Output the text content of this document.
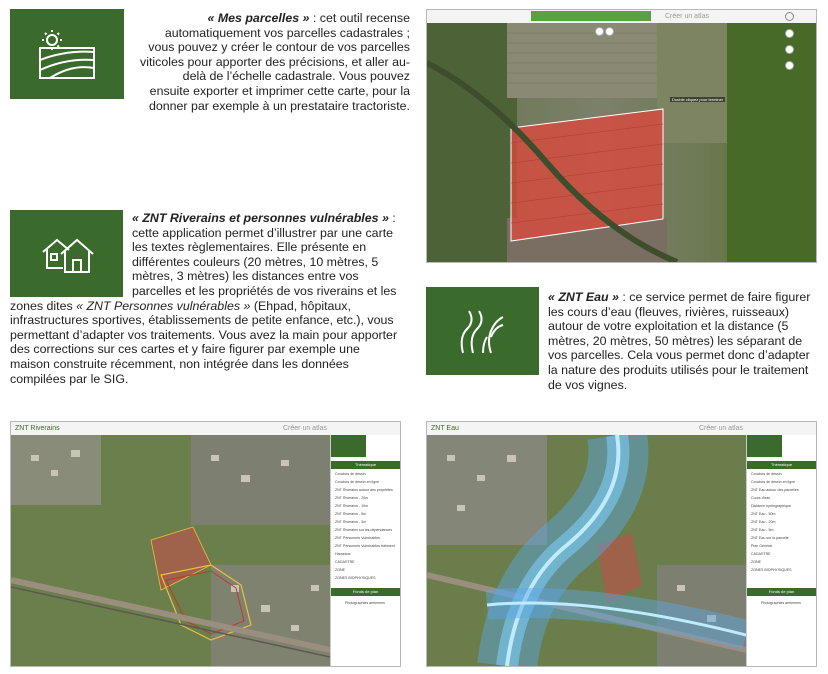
« Mes parcelles » : cet outil recense automatiquement vos parcelles cadastrales ; vous pouvez y créer le contour de vos parcelles viticoles pour apporter des précisions, et aller au-delà de l’échelle cadastrale. Vous pouvez ensuite exporter et imprimer cette carte, pour la donner par exemple à un prestataire tractoriste.
Créer un atlas
Double cliquez pour terminer
« ZNT Riverains et personnes vulnérables » : cette application permet d’illustrer par une carte les textes règlementaires. Elle présente en différentes couleurs (20 mètres, 10 mètres, 5 mètres, 3 mètres) les distances entre vos parcelles et les propriétés de vos riverains et les zones dites « ZNT Personnes vulnérables » (Ehpad, hôpitaux, infrastructures sportives, établissements de petite enfance, etc.), vous permettant d’adapter vos traitements. Vous avez la main pour apporter des corrections sur ces cartes et y faire figurer par exemple une maison construite récemment, non intégrée dans les données compilées par le SIG.
ZNT Riverains	Créer un atlas
Thématique
Couches de dessin
Couches de dessin en ligne
ZNT Riverains autour des propriétés
ZNT Riverains - 20m
ZNT Riverains - 10m
ZNT Riverains - 5m
ZNT Riverains - 3m
ZNT Riverains sur les dépendances
ZNT Personnes Vulnérables
ZNT Personnes Vulnérables bâtiment
Hameaux
CADASTRE
ZONE
ZONES BIOPHYSIQUES
Fonds de plan
Photographies aériennes
« ZNT Eau » : ce service permet de faire figurer les cours d’eau (fleuves, rivières, ruisseaux) autour de votre exploitation et la distance (5 mètres, 20 mètres, 50 mètres) les séparant de vos parcelles. Cela vous permet donc d’adapter la nature des produits utilisés pour le traitement de vos vignes.
ZNT Eau	Créer un atlas
Thématique
Couches de dessin
Couches de dessin en ligne
ZNT Eau autour des parcelles
Cours d'eau
Distance hydrographique
ZNT Eau - 50m
ZNT Eau - 20m
ZNT Eau - 5m
ZNT Eau sur la parcelle
Plan Général
CADASTRE
ZONE
ZONES BIOPHYSIQUES
Fonds de plan
Photographies aériennes
